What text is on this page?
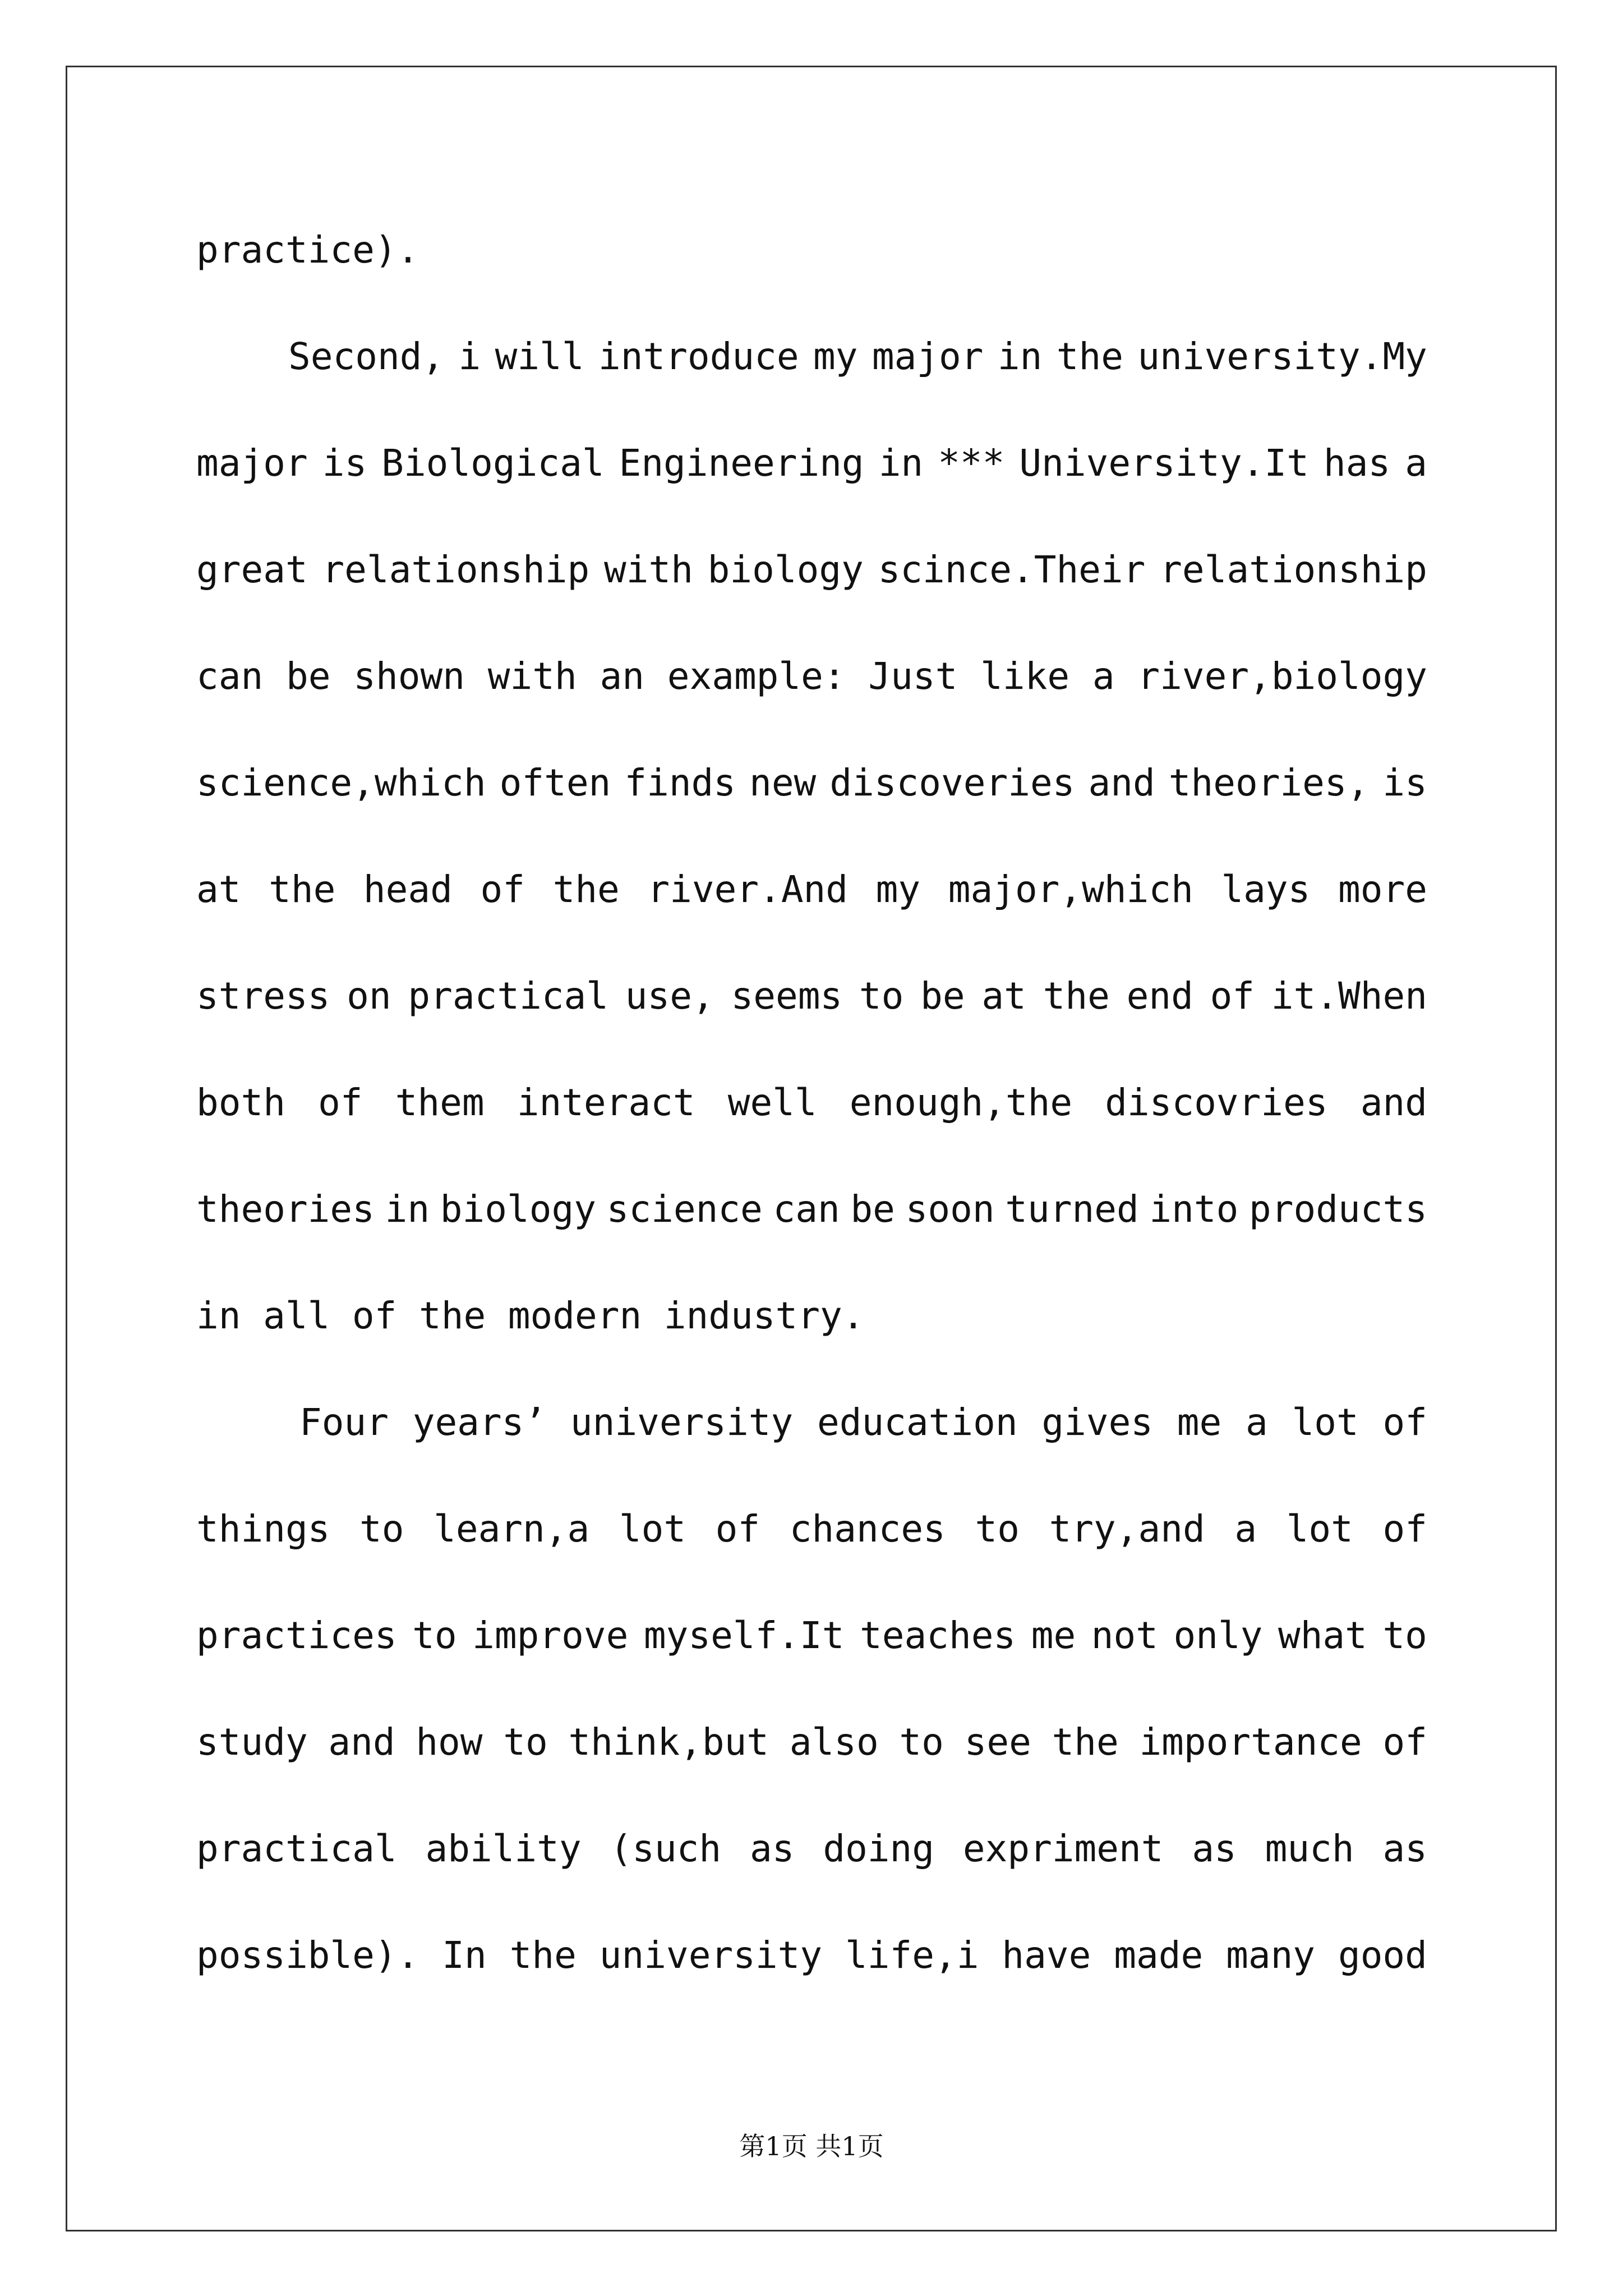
practice).
Second, i will introduce my major in the university.My
major is Biological Engineering in *** University.It has a
great relationship with biology scince.Their relationship
can be shown with an example: Just like a river,biology
science,which often finds new discoveries and theories, is
at the head of the river.And my major,which lays more
stress on practical use, seems to be at the end of it.When
both of them interact well enough,the discovries and
theories in biology science can be soon turned into products
in all of the modern industry.
Four years’ university education gives me a lot of
things to learn,a lot of chances to try,and a lot of
practices to improve myself.It teaches me not only what to
study and how to think,but also to see the importance of
practical ability (such as doing expriment as much as
possible). In the university life,i have made many good
第1页 共1页
